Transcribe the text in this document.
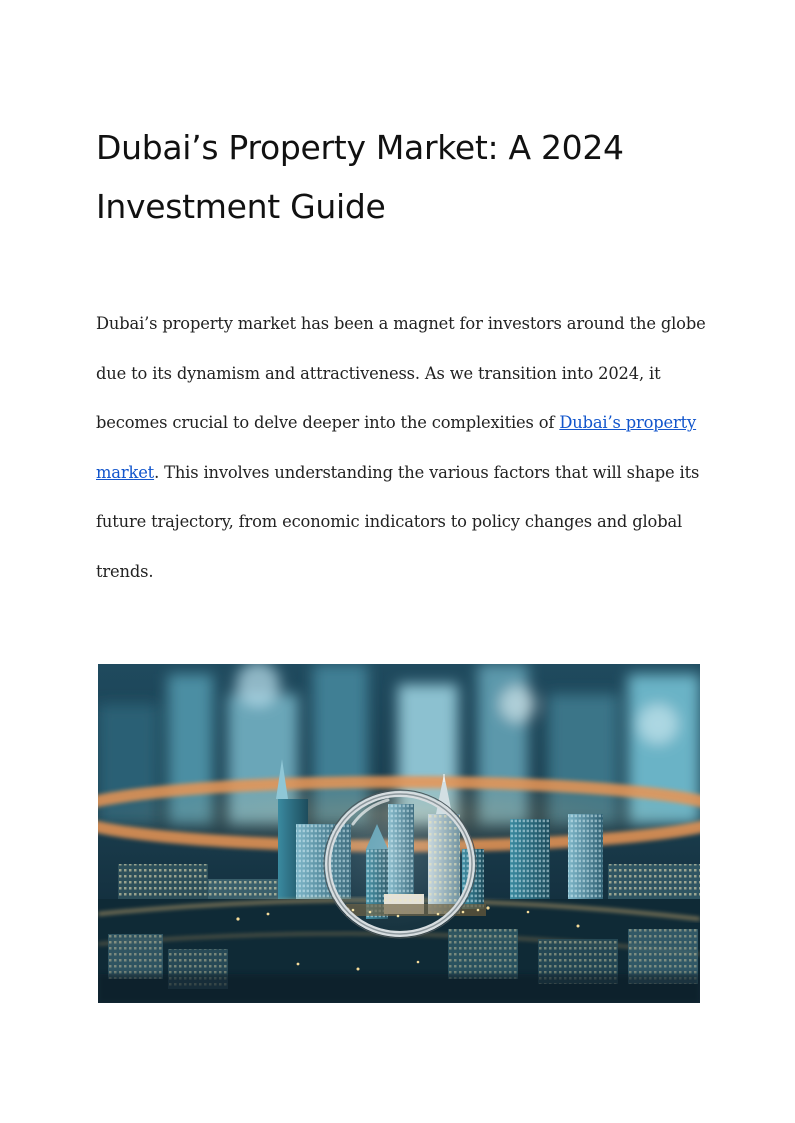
Dubai’s Property Market: A 2024 Investment Guide

Dubai’s property market has been a magnet for investors around the globe due to its dynamism and attractiveness. As we transition into 2024, it becomes crucial to delve deeper into the complexities of Dubai’s property market. This involves understanding the various factors that will shape its future trajectory, from economic indicators to policy changes and global trends.
